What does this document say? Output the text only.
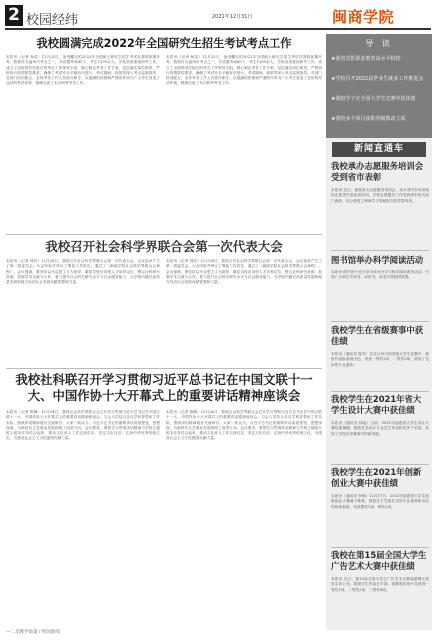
2 校园经纬	2021年12月31日	闽商学院
我校圆满完成2022年全国研究生招生考试考点工作
本报讯（记者 杨苗）12月25日，备受瞩目的2022年全国硕士研究生招生考试在我校如期开考。我校作为福州市考点之一，共设置考场45个，考生1200余人。学校高度重视研考工作，成立了由校领导任组长的考点工作领导小组，精心制定考务工作方案，层层落实岗位职责，严格执行疫情防控要求，确保了考试安全平稳有序进行。考试期间，校领导深入考点巡查指导，各部门协同配合，全体考务工作人员恪尽职守，以饱满的热情和严谨的作风为广大考生营造了良好的考试环境，圆满完成了本次研考考务工作。
本报讯（记者 杨苗）12月25日，备受瞩目的2022年全国硕士研究生招生考试在我校如期开考。我校作为福州市考点之一，共设置考场45个，考生1200余人。学校高度重视研考工作，成立了由校领导任组长的考点工作领导小组，精心制定考务工作方案，层层落实岗位职责，严格执行疫情防控要求，确保了考试安全平稳有序进行。考试期间，校领导深入考点巡查指导，各部门协同配合，全体考务工作人员恪尽职守，以饱满的热情和严谨的作风为广大考生营造了良好的考试环境，圆满完成了本次研考考务工作。
我校召开社会科学界联合会第一次代表大会
本报讯（记者 林诗）12月28日，我校召开社会科学界联合会第一次代表大会，会议选举产生了第一届委员会。大会听取并审议了筹备工作报告，通过了《闽商学院社会科学界联合会章程》。会议强调，要坚持以马克思主义为指导，紧扣学校应用型人才培养定位，整合社科研究资源，加强学术交流与合作，着力提升社会科学研究水平与社会服务能力，为学校内涵式高质量发展和地方经济社会发展贡献智慧和力量。
本报讯（记者 林诗）12月28日，我校召开社会科学界联合会第一次代表大会，会议选举产生了第一届委员会。大会听取并审议了筹备工作报告，通过了《闽商学院社会科学界联合会章程》。会议强调，要坚持以马克思主义为指导，紧扣学校应用型人才培养定位，整合社科研究资源，加强学术交流与合作，着力提升社会科学研究水平与社会服务能力，为学校内涵式高质量发展和地方经济社会发展贡献智慧和力量。
我校社科联召开学习贯彻习近平总书记在中国文联十一大、中国作协十大开幕式上的重要讲话精神座谈会
本报讯（记者 陈琳）12月24日，我校社会科学界联合会召开学习贯彻习近平总书记在中国文联十一大、中国作协十大开幕式上的重要讲话精神座谈会。与会人员结合各自学科背景和工作实际，围绕讲话精神展开交流研讨。大家一致认为，习近平总书记的重要讲话高屋建瓴、思想深邃，为新时代文艺事业发展指明了前进方向。会议要求，要把学习贯彻讲话精神与学校立德树人根本任务结合起来，推动文化育人工作走深走实，坚定文化自信，弘扬中华优秀传统文化，为建设社会主义文化强国贡献力量。
本报讯（记者 陈琳）12月24日，我校社会科学界联合会召开学习贯彻习近平总书记在中国文联十一大、中国作协十大开幕式上的重要讲话精神座谈会。与会人员结合各自学科背景和工作实际，围绕讲话精神展开交流研讨。大家一致认为，习近平总书记的重要讲话高屋建瓴、思想深邃，为新时代文艺事业发展指明了前进方向。会议要求，要把学习贯彻讲话精神与学校立德树人根本任务结合起来，推动文化育人工作走深走实，坚定文化自信，弘扬中华优秀传统文化，为建设社会主义文化强国贡献力量。
导 读
★我省首批职业教育高水平院校
★学校召开2022届毕业生就业工作推进会
★我校学子在全国大学生竞赛中获佳绩
★我校多个项目获批省级教改立项
新闻直通车
我校承办志愿服务培训会 受到省市表彰
本报讯 近日，我校承办志愿服务培训会，来自省内多所高校的志愿者代表参加培训。学校志愿服务工作受到省市相关部门表彰，充分展现了闽商学子奉献担当的青春风采。
图书馆举办科学阅读活动
本报讯 图书馆于近日举办读书分享与科学阅读系列活动，引导广大师生多读书、读好书，营造书香校园氛围。
我校学生在省级赛事中获佳绩
本报讯（通讯员 陈芳）在近日举行的省级大学生竞赛中，我校代表队表现出色，荣获一等奖2项、二等奖3项，展现了良好的专业素养。
我校学生在2021年省大学生设计大赛中获佳绩
本报讯（通讯员 林瑶）日前，2021年福建省大学生设计大赛结果揭晓，我校艺术设计专业学生作品斩获多个奖项，实现了学校在该赛事中的新突破。
我校学生在2021年创新创业大赛中获佳绩
本报讯（通讯员 李明）12月17日，2021年福建省大学生创新创业大赛落下帷幕，我校学子凭借扎实的专业素养和出色的现场表现，荣获银奖1项、铜奖2项。
我校在第15届全国大学生广告艺术大赛中获佳绩
本报讯 近日，第15届全国大学生广告艺术大赛福建赛区获奖名单公布，我校学生作品在平面、视频等类别中共获得一等奖1项、二等奖2项、三等奖4项。
—二是教学质量 / 校园新闻
